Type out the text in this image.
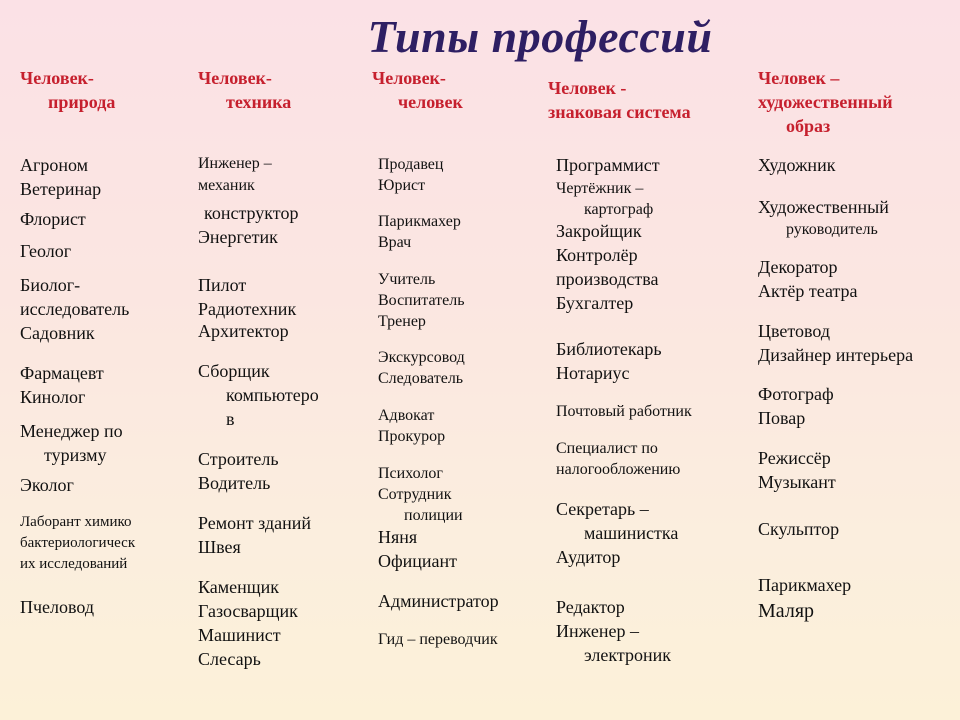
Типы профессий
Человек-
природа
Человек-
техника
Человек-
человек
Человек -
знаковая система
Человек –
художественный
образ
Агроном
Ветеринар
Флорист
Геолог
Биолог-
исследователь
Садовник
Фармацевт
Кинолог
Менеджер по
туризму
Эколог
Лаборант химико
бактериологическ
их исследований
Пчеловод
Инженер –
механик
конструктор
Энергетик
Пилот
Радиотехник
Архитектор
Сборщик
компьютеро
в
Строитель
Водитель
Ремонт зданий
Швея
Каменщик
Газосварщик
Машинист
Слесарь
Продавец
Юрист
Парикмахер
Врач
Учитель
Воспитатель
Тренер
Экскурсовод
Следователь
Адвокат
Прокурор
Психолог
Сотрудник
полиции
Няня
Официант
Администратор
Гид – переводчик
Программист
Чертёжник –
картограф
Закройщик
Контролёр
производства
Бухгалтер
Библиотекарь
Нотариус
Почтовый работник
Специалист по
налогообложению
Секретарь –
машинистка
Аудитор
Редактор
Инженер –
электроник
Художник
Художественный
руководитель
Декоратор
Актёр театра
Цветовод
Дизайнер интерьера
Фотограф
Повар
Режиссёр
Музыкант
Скульптор
Парикмахер
Маляр
